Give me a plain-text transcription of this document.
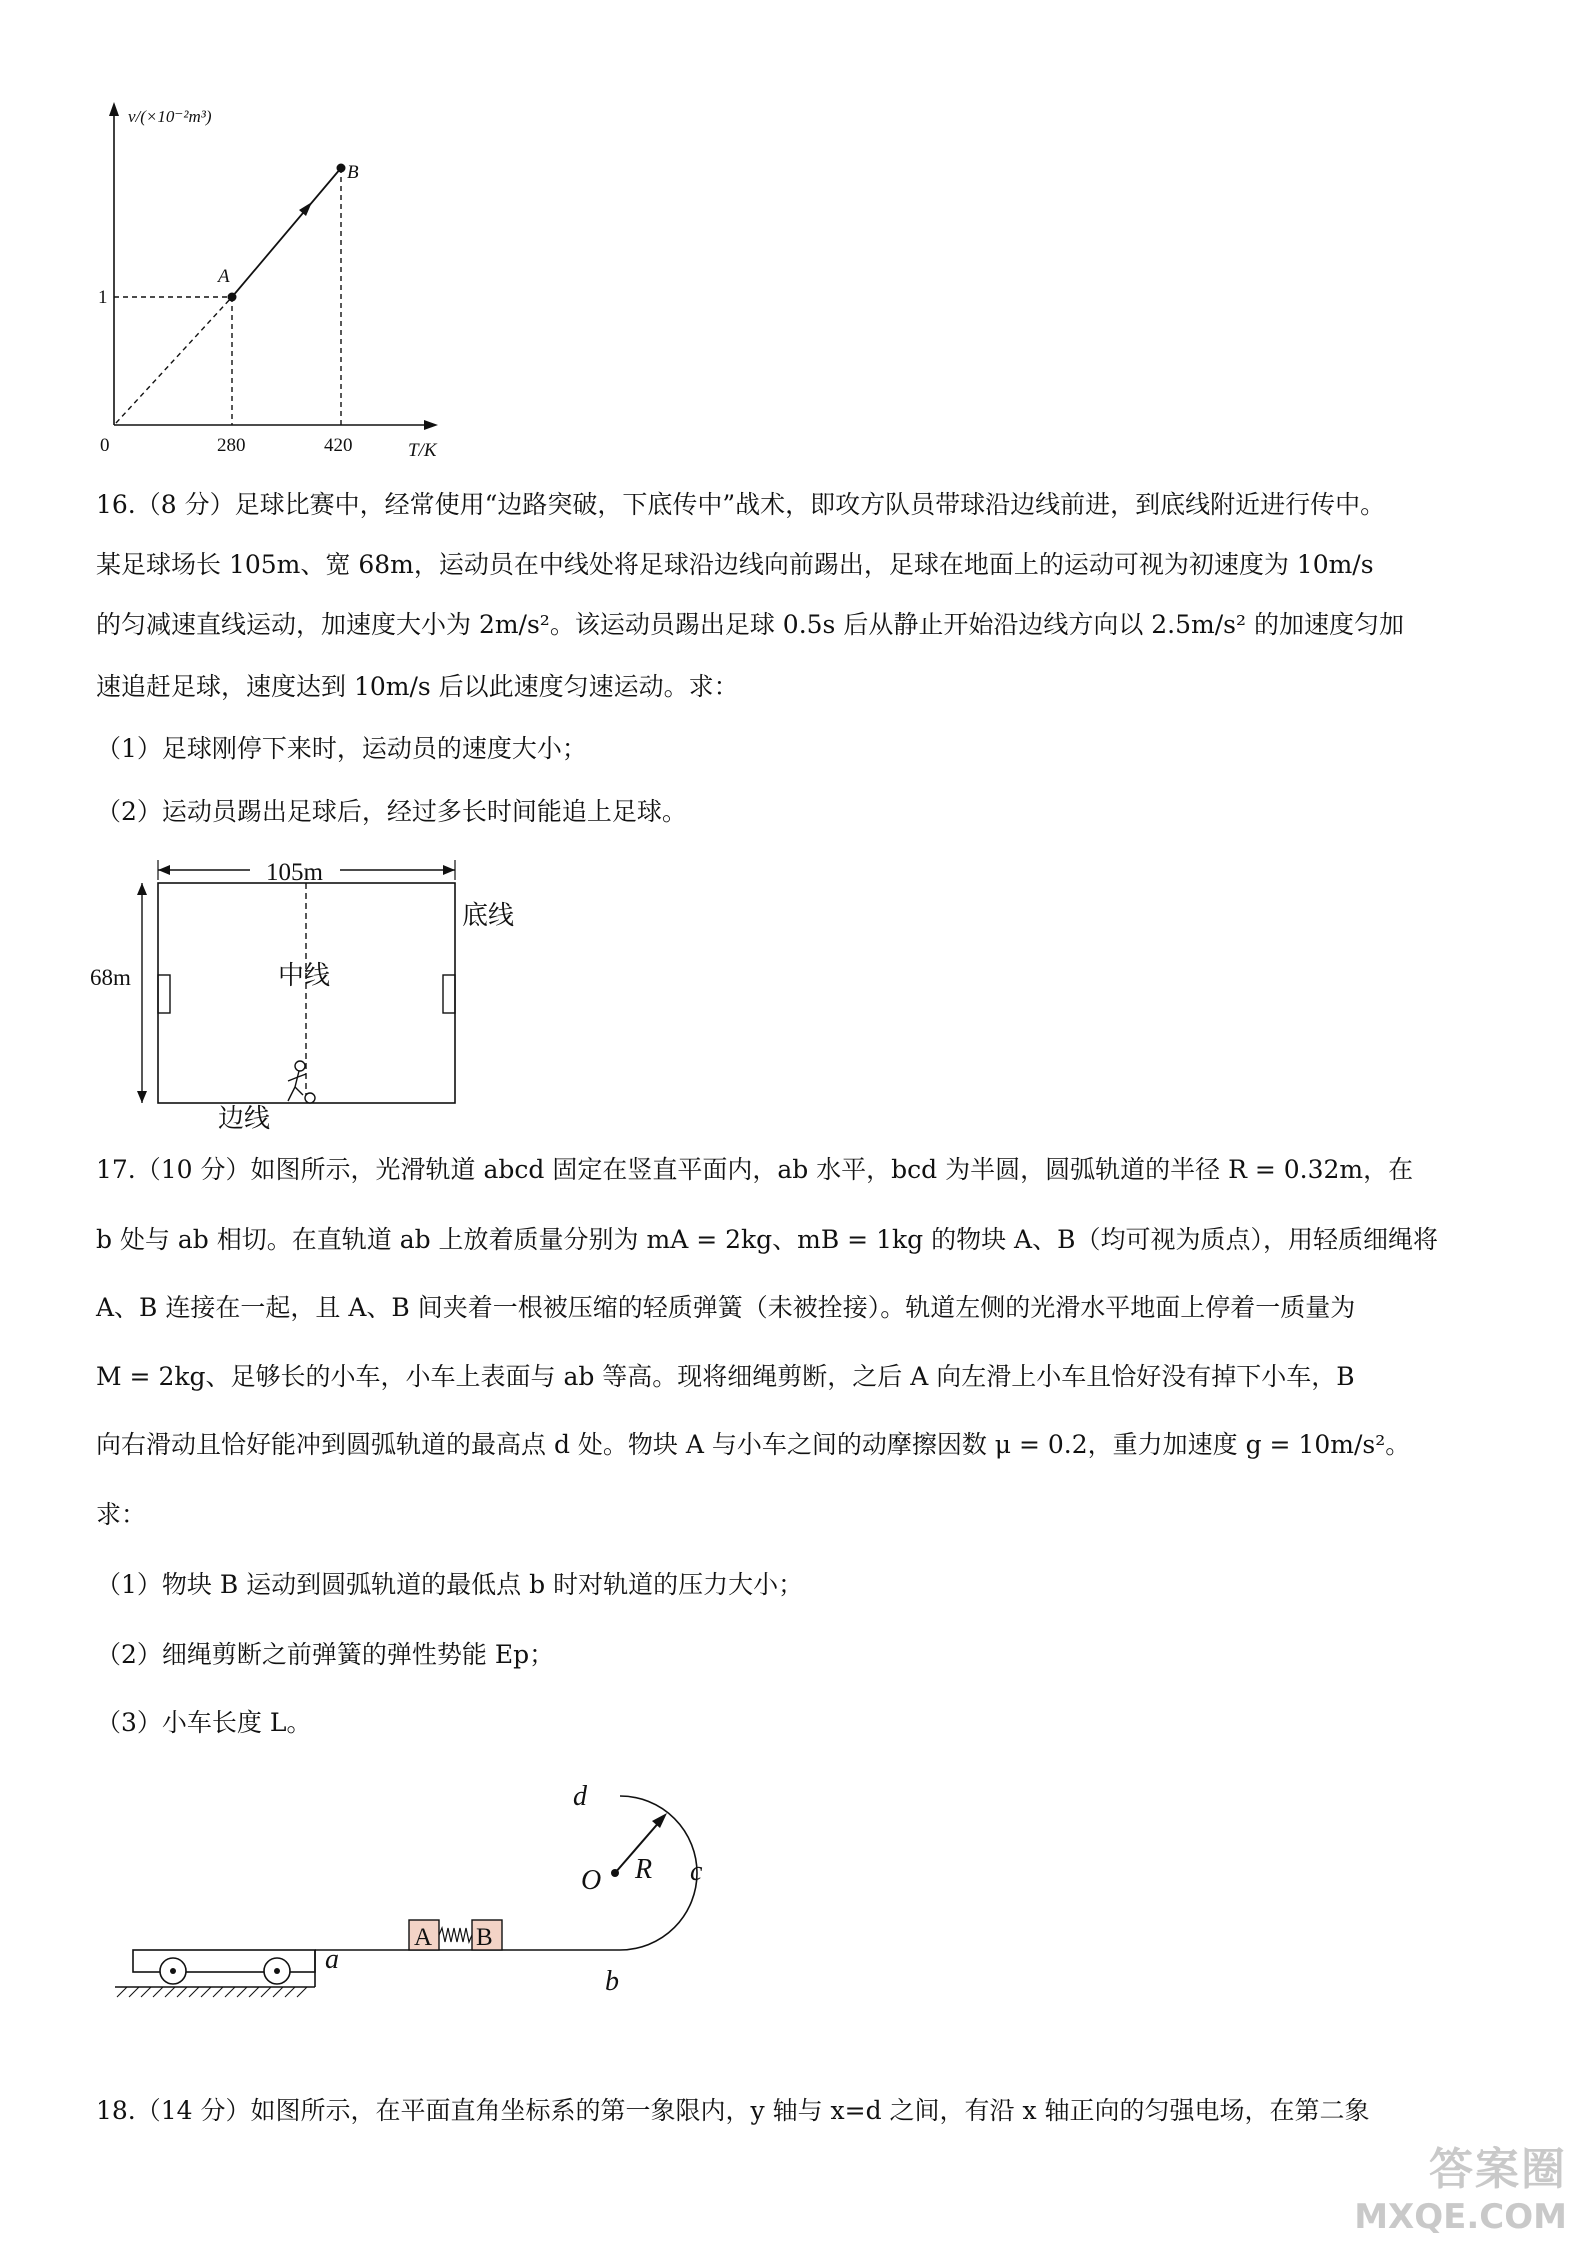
v/(×10⁻²m³)
T/K
0
1
280	420
A
B
16.（8 分）足球比赛中，经常使用“边路突破，下底传中”战术，即攻方队员带球沿边线前进，到底线附近进行传中。
某足球场长 105m、宽 68m，运动员在中线处将足球沿边线向前踢出，足球在地面上的运动可视为初速度为 10m/s
的匀减速直线运动，加速度大小为 2m/s²。该运动员踢出足球 0.5s 后从静止开始沿边线方向以 2.5m/s² 的加速度匀加
速追赶足球，速度达到 10m/s 后以此速度匀速运动。求：
（1）足球刚停下来时，运动员的速度大小；
（2）运动员踢出足球后，经过多长时间能追上足球。
105m
68m
底线
中线
边线
17.（10 分）如图所示，光滑轨道 abcd 固定在竖直平面内，ab 水平，bcd 为半圆，圆弧轨道的半径 R = 0.32m，在
b 处与 ab 相切。在直轨道 ab 上放着质量分别为 mA = 2kg、mB = 1kg 的物块 A、B（均可视为质点），用轻质细绳将
A、B 连接在一起，且 A、B 间夹着一根被压缩的轻质弹簧（未被拴接）。轨道左侧的光滑水平地面上停着一质量为
M = 2kg、足够长的小车，小车上表面与 ab 等高。现将细绳剪断，之后 A 向左滑上小车且恰好没有掉下小车，B
向右滑动且恰好能冲到圆弧轨道的最高点 d 处。物块 A 与小车之间的动摩擦因数 μ = 0.2，重力加速度 g = 10m/s²。
求：
（1）物块 B 运动到圆弧轨道的最低点 b 时对轨道的压力大小；
（2）细绳剪断之前弹簧的弹性势能 Ep；
（3）小车长度 L。
A B
d
O R c
a
b
18.（14 分）如图所示，在平面直角坐标系的第一象限内，y 轴与 x=d 之间，有沿 x 轴正向的匀强电场，在第二象
答案圈
MXQE.COM
